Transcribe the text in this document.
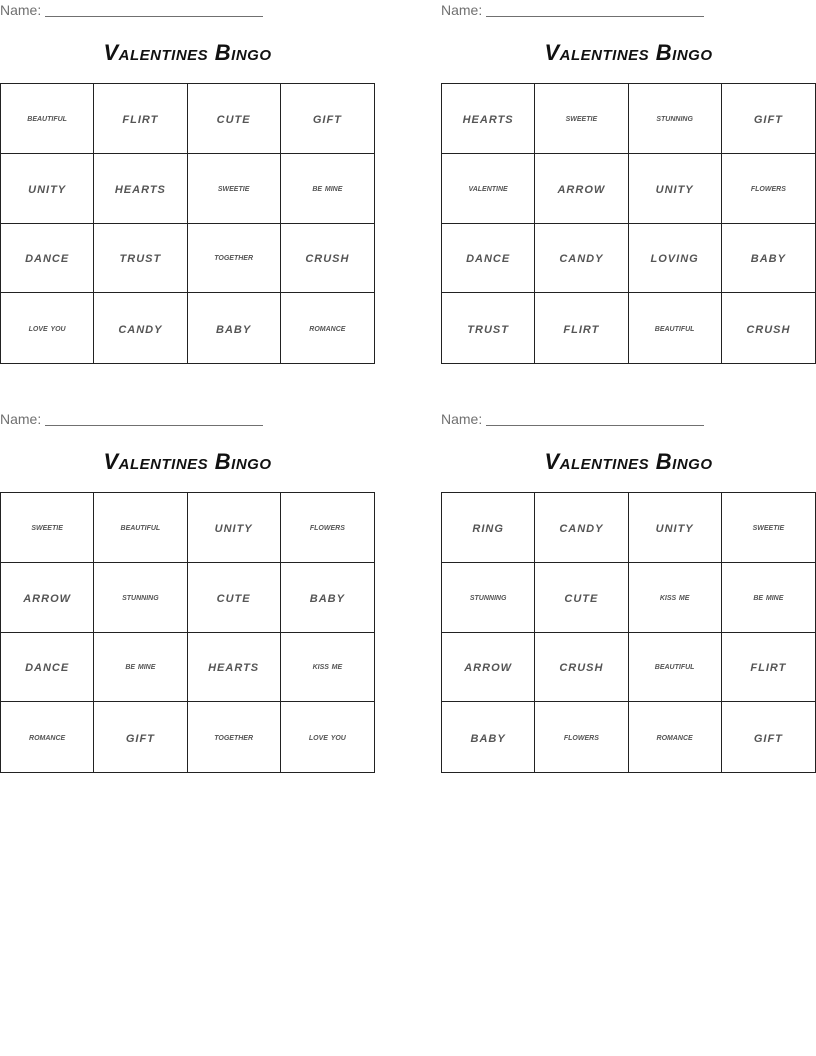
Name:
Valentines Bingo
beautiful	flirt	cute	gift
unity	hearts	sweetie	be mine
dance	trust	together	crush
love you	candy	baby	romance
Name:
Valentines Bingo
hearts	sweetie	stunning	gift
valentine	arrow	unity	flowers
dance	candy	loving	baby
trust	flirt	beautiful	crush
Name:
Valentines Bingo
sweetie	beautiful	unity	flowers
arrow	stunning	cute	baby
dance	be mine	hearts	kiss me
romance	gift	together	love you
Name:
Valentines Bingo
ring	candy	unity	sweetie
stunning	cute	kiss me	be mine
arrow	crush	beautiful	flirt
baby	flowers	romance	gift
